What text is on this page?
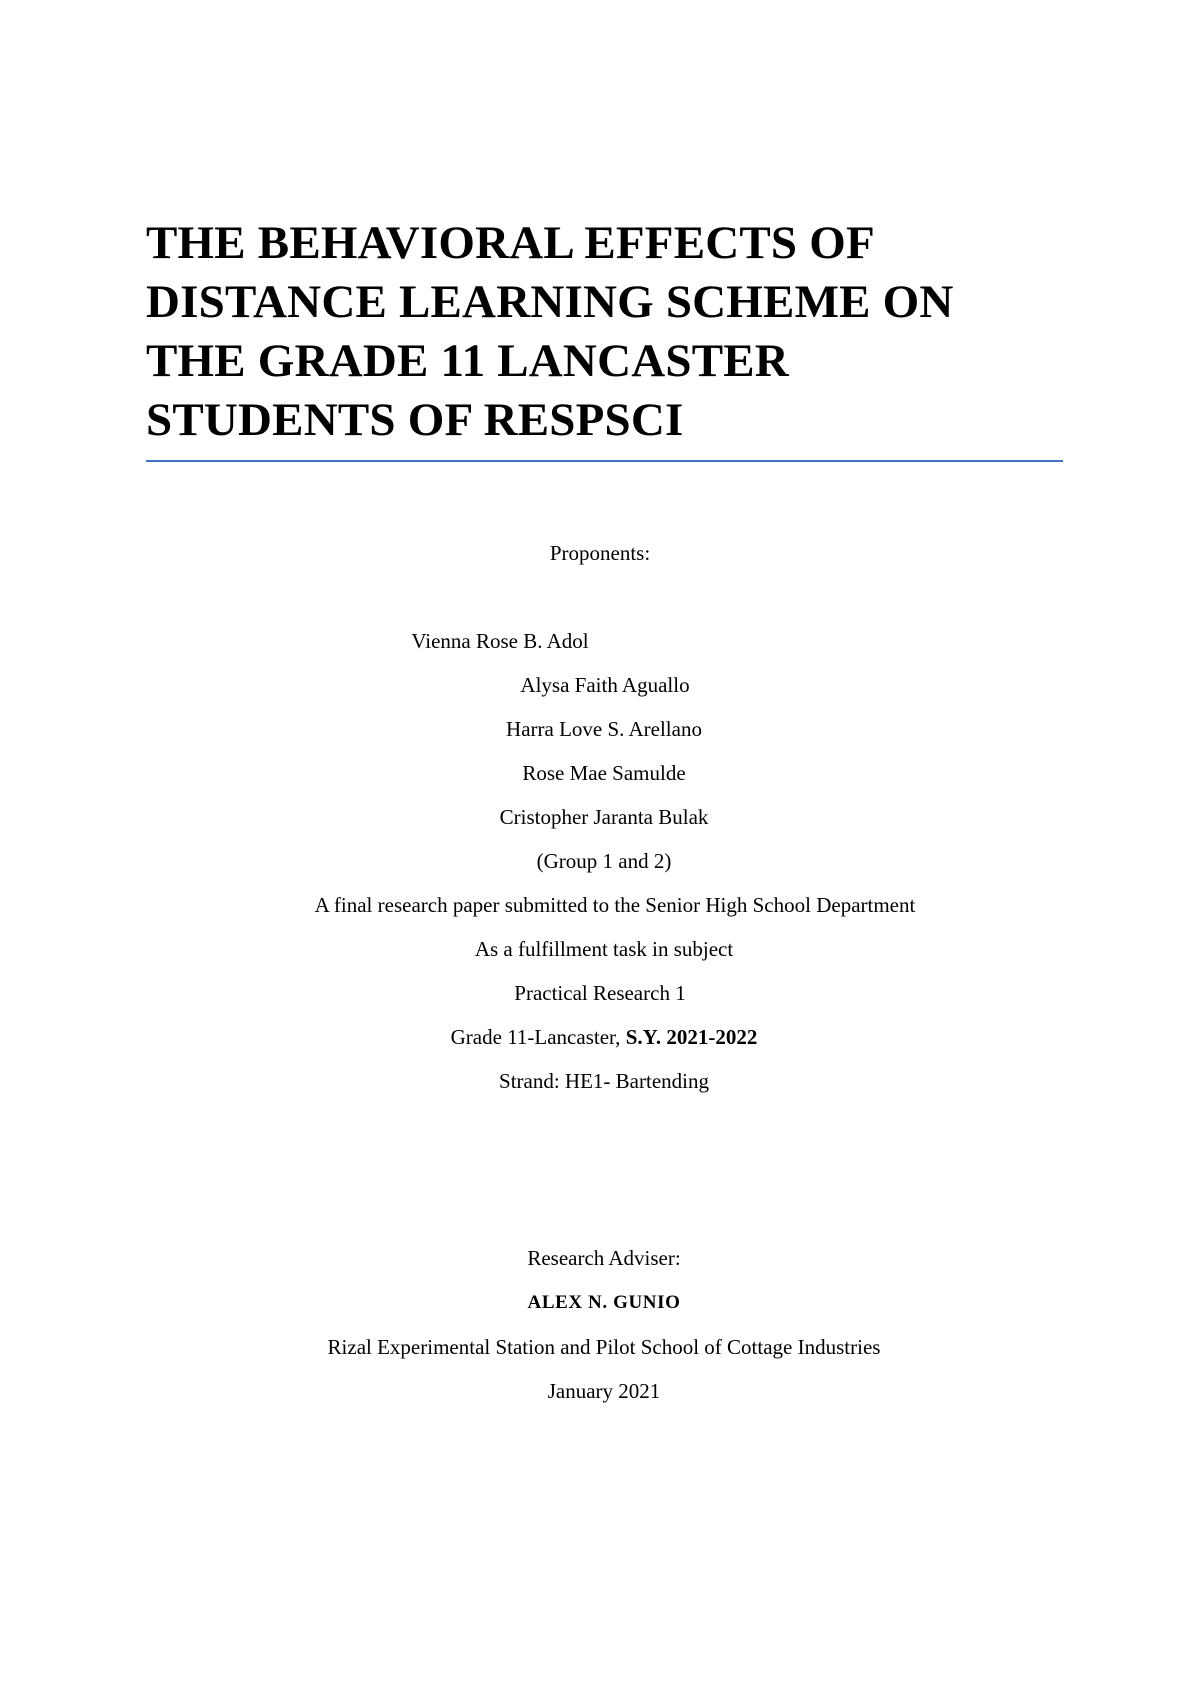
THE BEHAVIORAL EFFECTS OF

DISTANCE LEARNING SCHEME ON

THE GRADE 11 LANCASTER

STUDENTS OF RESPSCI

Proponents:

Vienna Rose B. Adol

Alysa Faith Aguallo

Harra Love S. Arellano

Rose Mae Samulde

Cristopher Jaranta Bulak

(Group 1 and 2)

A final research paper submitted to the Senior High School Department

As a fulfillment task in subject

Practical Research 1

Grade 11-Lancaster, S.Y. 2021-2022

Strand: HE1- Bartending

Research Adviser:

ALEX N. GUNIO

Rizal Experimental Station and Pilot School of Cottage Industries

January 2021
